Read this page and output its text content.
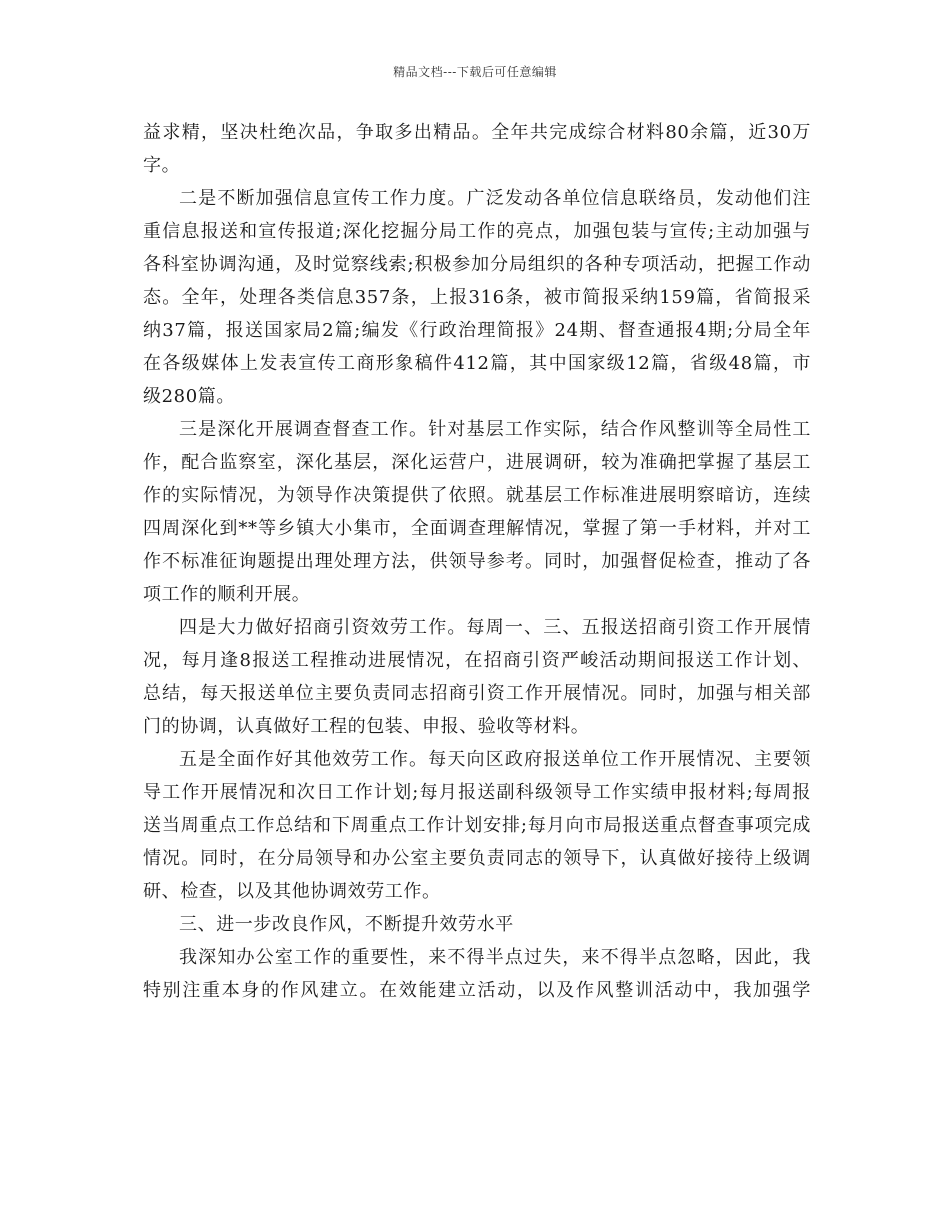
精品文档---下载后可任意编辑
益求精，坚决杜绝次品，争取多出精品。全年共完成综合材料80余篇，近30万
字。
二是不断加强信息宣传工作力度。广泛发动各单位信息联络员，发动他们注
重信息报送和宣传报道;深化挖掘分局工作的亮点，加强包装与宣传;主动加强与
各科室协调沟通，及时觉察线索;积极参加分局组织的各种专项活动，把握工作动
态。全年，处理各类信息357条，上报316条，被市简报采纳159篇，省简报采
纳37篇，报送国家局2篇;编发《行政治理简报》24期、督查通报4期;分局全年
在各级媒体上发表宣传工商形象稿件412篇，其中国家级12篇，省级48篇，市
级280篇。
三是深化开展调查督查工作。针对基层工作实际，结合作风整训等全局性工
作，配合监察室，深化基层，深化运营户，进展调研，较为准确把掌握了基层工
作的实际情况，为领导作决策提供了依照。就基层工作标准进展明察暗访，连续
四周深化到**等乡镇大小集市，全面调查理解情况，掌握了第一手材料，并对工
作不标准征询题提出理处理方法，供领导参考。同时，加强督促检查，推动了各
项工作的顺利开展。
四是大力做好招商引资效劳工作。每周一、三、五报送招商引资工作开展情
况，每月逢8报送工程推动进展情况，在招商引资严峻活动期间报送工作计划、
总结，每天报送单位主要负责同志招商引资工作开展情况。同时，加强与相关部
门的协调，认真做好工程的包装、申报、验收等材料。
五是全面作好其他效劳工作。每天向区政府报送单位工作开展情况、主要领
导工作开展情况和次日工作计划;每月报送副科级领导工作实绩申报材料;每周报
送当周重点工作总结和下周重点工作计划安排;每月向市局报送重点督查事项完成
情况。同时，在分局领导和办公室主要负责同志的领导下，认真做好接待上级调
研、检查，以及其他协调效劳工作。
三、进一步改良作风，不断提升效劳水平
我深知办公室工作的重要性，来不得半点过失，来不得半点忽略，因此，我
特别注重本身的作风建立。在效能建立活动，以及作风整训活动中，我加强学
